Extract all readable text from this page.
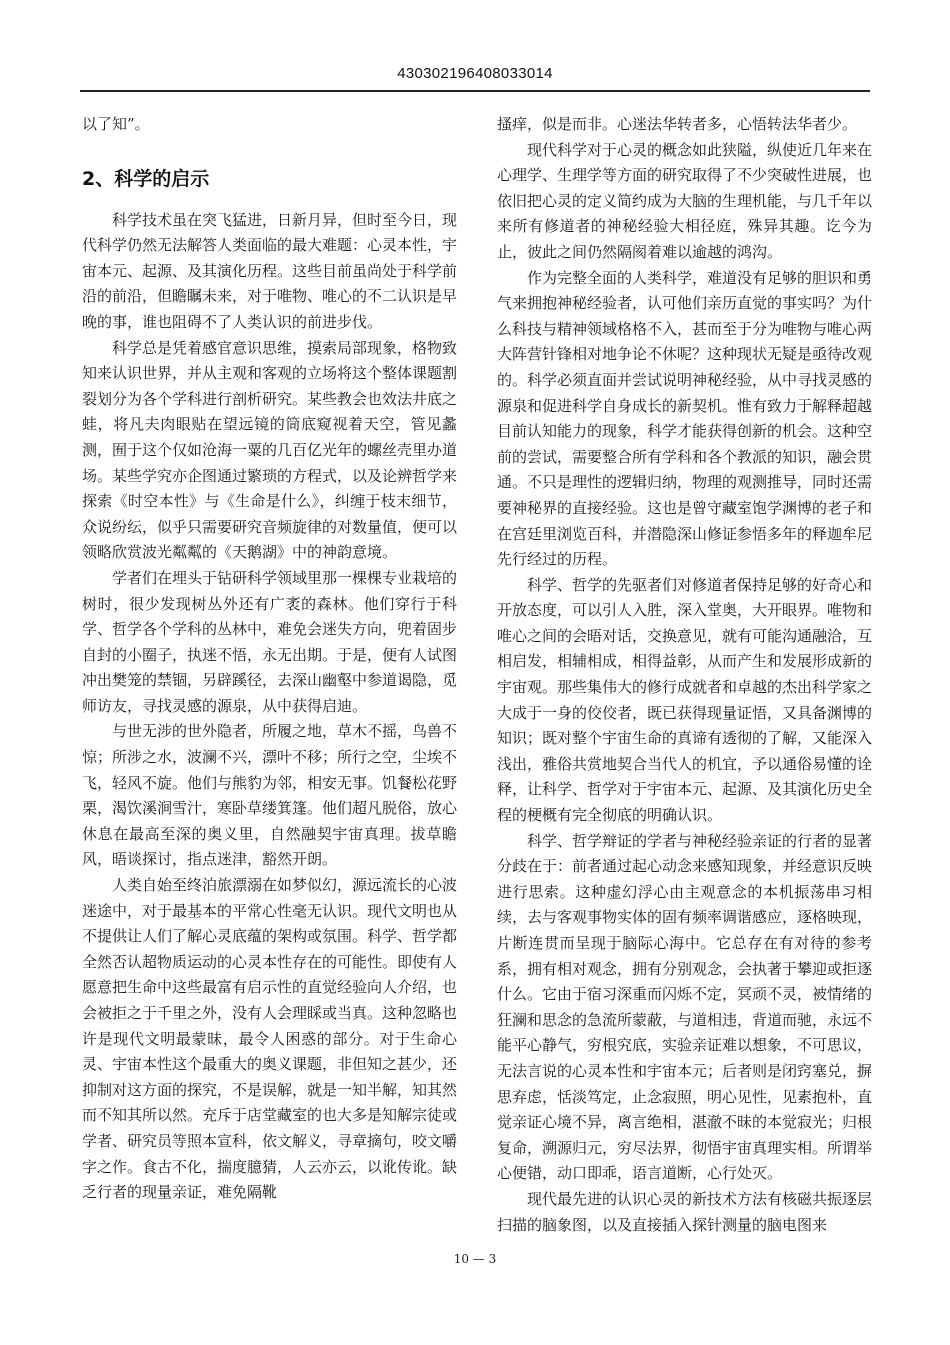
430302196408033014

以了知”。

2、科学的启示

科学技术虽在突飞猛进，日新月异，但时至今日，现代科学仍然无法解答人类面临的最大难题：心灵本性，宇宙本元、起源、及其演化历程。这些目前虽尚处于科学前沿的前沿，但瞻瞩未来，对于唯物、唯心的不二认识是早晚的事，谁也阻碍不了人类认识的前进步伐。

科学总是凭着感官意识思维，摸索局部现象，格物致知来认识世界，并从主观和客观的立场将这个整体课题割裂划分为各个学科进行剖析研究。某些教会也效法井底之蛙，将凡夫肉眼贴在望远镜的筒底窥视着天空，管见蠡测，囿于这个仅如沧海一粟的几百亿光年的螺丝壳里办道场。某些学究亦企图通过繁琐的方程式，以及论辨哲学来探索《时空本性》与《生命是什么》，纠缠于枝末细节，众说纷纭，似乎只需要研究音频旋律的对数量值，便可以领略欣赏波光粼粼的《天鹅湖》中的神韵意境。

学者们在埋头于钻研科学领域里那一棵棵专业栽培的树时，很少发现树丛外还有广袤的森林。他们穿行于科学、哲学各个学科的丛林中，难免会迷失方向，兜着固步自封的小圈子，执迷不悟，永无出期。于是，便有人试图冲出樊笼的禁锢，另辟蹊径，去深山幽壑中参道谒隐，觅师访友，寻找灵感的源泉，从中获得启迪。

与世无涉的世外隐者，所履之地，草木不摇，鸟兽不惊；所涉之水，波澜不兴，漂叶不移；所行之空，尘埃不飞，轻风不旋。他们与熊豹为邻，相安无事。饥餐松花野栗，渴饮溪涧雪汁，寒卧草缕箕篷。他们超凡脱俗，放心休息在最高至深的奥义里，自然融契宇宙真理。拔草瞻风，晤谈探讨，指点迷津，豁然开朗。

人类自始至终泊旅漂溺在如梦似幻，源远流长的心波迷途中，对于最基本的平常心性毫无认识。现代文明也从不提供让人们了解心灵底蕴的架构或氛围。科学、哲学都全然否认超物质运动的心灵本性存在的可能性。即使有人愿意把生命中这些最富有启示性的直觉经验向人介绍，也会被拒之于千里之外，没有人会理睬或当真。这种忽略也许是现代文明最蒙昧，最令人困惑的部分。对于生命心灵、宇宙本性这个最重大的奥义课题，非但知之甚少，还抑制对这方面的探究，不是误解，就是一知半解，知其然而不知其所以然。充斥于店堂藏室的也大多是知解宗徒或学者、研究员等照本宣科，依文解义，寻章摘句，咬文嚼字之作。食古不化，揣度臆猜，人云亦云，以讹传讹。缺乏行者的现量亲证，难免隔靴

搔痒，似是而非。心迷法华转者多，心悟转法华者少。

现代科学对于心灵的概念如此狭隘，纵使近几年来在心理学、生理学等方面的研究取得了不少突破性进展，也依旧把心灵的定义简约成为大脑的生理机能，与几千年以来所有修道者的神秘经验大相径庭，殊异其趣。讫今为止，彼此之间仍然隔阂着难以逾越的鸿沟。

作为完整全面的人类科学，难道没有足够的胆识和勇气来拥抱神秘经验者，认可他们亲历直觉的事实吗？为什么科技与精神领域格格不入，甚而至于分为唯物与唯心两大阵营针锋相对地争论不休呢？这种现状无疑是亟待改观的。科学必须直面并尝试说明神秘经验，从中寻找灵感的源泉和促进科学自身成长的新契机。惟有致力于解释超越目前认知能力的现象，科学才能获得创新的机会。这种空前的尝试，需要整合所有学科和各个教派的知识，融会贯通。不只是理性的逻辑归纳，物理的观测推导，同时还需要神秘界的直接经验。这也是曾守藏室饱学渊博的老子和在宫廷里浏览百科，并潜隐深山修证参悟多年的释迦牟尼先行经过的历程。

科学、哲学的先驱者们对修道者保持足够的好奇心和开放态度，可以引人入胜，深入堂奥，大开眼界。唯物和唯心之间的会晤对话，交换意见，就有可能沟通融洽，互相启发，相辅相成，相得益彰，从而产生和发展形成新的宇宙观。那些集伟大的修行成就者和卓越的杰出科学家之大成于一身的佼佼者，既已获得现量证悟，又具备渊博的知识；既对整个宇宙生命的真谛有透彻的了解，又能深入浅出，雅俗共赏地契合当代人的机宜，予以通俗易懂的诠释，让科学、哲学对于宇宙本元、起源、及其演化历史全程的梗概有完全彻底的明确认识。

科学、哲学辩证的学者与神秘经验亲证的行者的显著分歧在于：前者通过起心动念来感知现象，并经意识反映进行思索。这种虚幻浮心由主观意念的本机振荡串习相续，去与客观事物实体的固有频率调谐感应，逐格映现，片断连贯而呈现于脑际心海中。它总存在有对待的参考系，拥有相对观念，拥有分别观念，会执著于攀迎或拒逐什么。它由于宿习深重而闪烁不定，冥顽不灵，被情绪的狂澜和思念的急流所蒙蔽，与道相违，背道而驰，永远不能平心静气，穷根究底，实验亲证难以想象，不可思议，无法言说的心灵本性和宇宙本元；后者则是闭窍塞兑，摒思弃虑，恬淡笃定，止念寂照，明心见性，见素抱朴，直觉亲证心境不异，离言绝相，湛澈不昧的本觉寂光；归根复命，溯源归元，穷尽法界，彻悟宇宙真理实相。所谓举心便错，动口即乖，语言道断，心行处灭。

现代最先进的认识心灵的新技术方法有核磁共振逐层扫描的脑象图，以及直接插入探针测量的脑电图来

10 — 3
